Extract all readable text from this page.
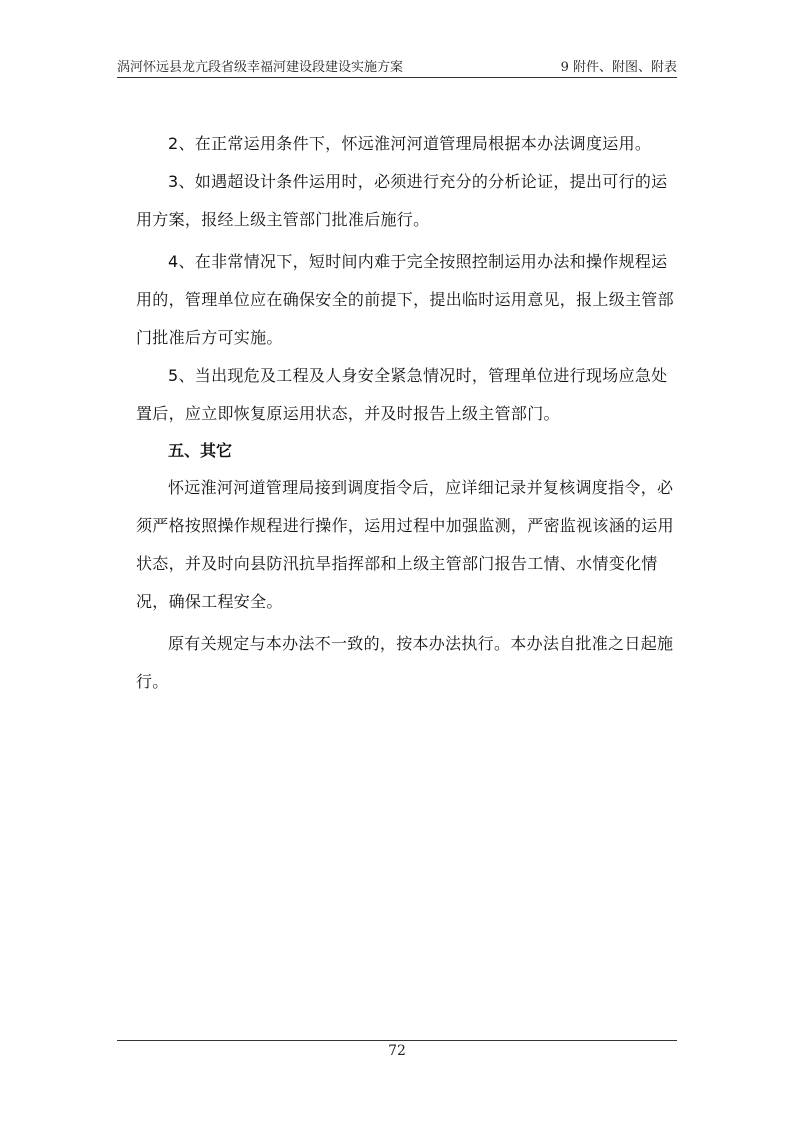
涡河怀远县龙亢段省级幸福河建设段建设实施方案	9 附件、附图、附表

2、在正常运用条件下，怀远淮河河道管理局根据本办法调度运用。

3、如遇超设计条件运用时，必须进行充分的分析论证，提出可行的运用方案，报经上级主管部门批准后施行。

4、在非常情况下，短时间内难于完全按照控制运用办法和操作规程运用的，管理单位应在确保安全的前提下，提出临时运用意见，报上级主管部门批准后方可实施。

5、当出现危及工程及人身安全紧急情况时，管理单位进行现场应急处置后，应立即恢复原运用状态，并及时报告上级主管部门。

五、其它

怀远淮河河道管理局接到调度指令后，应详细记录并复核调度指令，必须严格按照操作规程进行操作，运用过程中加强监测，严密监视该涵的运用状态，并及时向县防汛抗旱指挥部和上级主管部门报告工情、水情变化情况，确保工程安全。

原有关规定与本办法不一致的，按本办法执行。本办法自批准之日起施行。

72
